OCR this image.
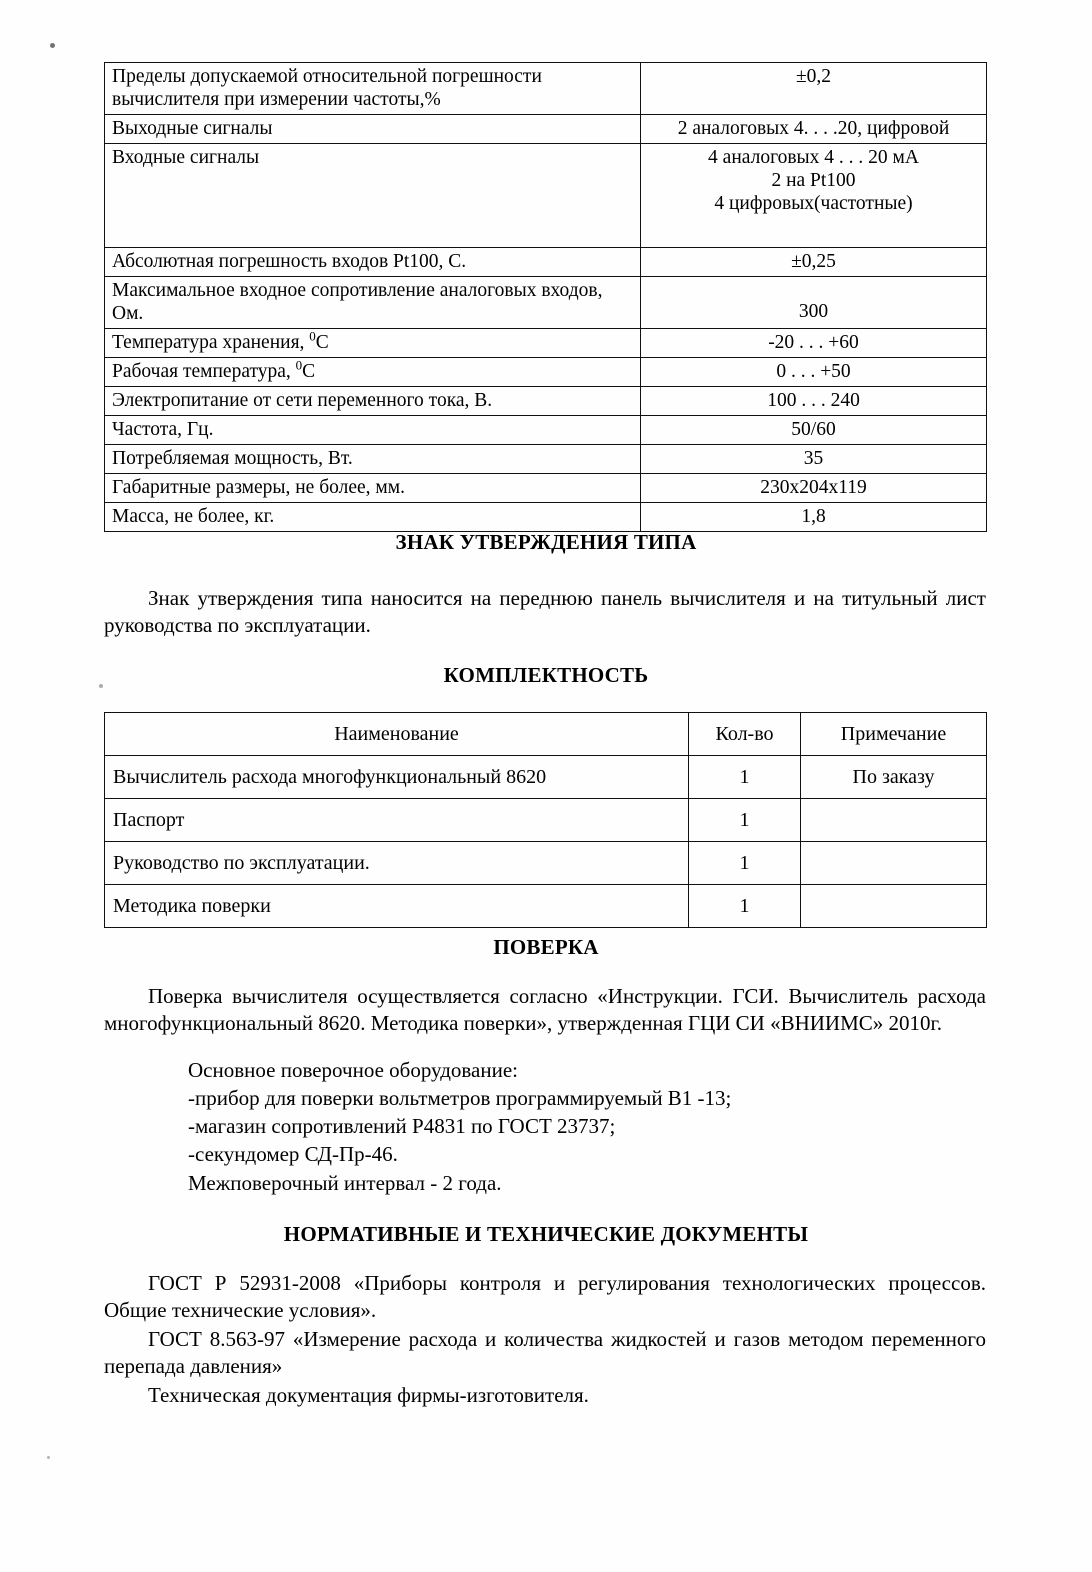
Пределы допускаемой относительной погрешности вычислителя при измерении частоты,%	±0,2
Выходные сигналы	2 аналоговых 4. . . .20, цифровой
Входные сигналы	4 аналоговых 4 . . . 20 мА
2 на Pt100
4 цифровых(частотные)

Абсолютная погрешность входов Pt100, С.	±0,25
Максимальное входное сопротивление аналоговых входов, Ом.	300
Температура хранения, $^0$С	-20 . . . +60
Рабочая температура, $^0$С	0 . . . +50
Электропитание от сети переменного тока, В.	100 . . . 240
Частота, Гц.	50/60
Потребляемая мощность, Вт.	35
Габаритные размеры, не более, мм.	230x204x119
Масса, не более, кг.	1,8
ЗНАК УТВЕРЖДЕНИЯ ТИПА
Знак утверждения типа наносится на переднюю панель вычислителя и на титульный лист руководства по эксплуатации.
КОМПЛЕКТНОСТЬ
Наименование	Кол-во	Примечание
Вычислитель расхода многофункциональный 8620	1	По заказу
Паспорт	1	
Руководство по эксплуатации.	1	
Методика поверки	1	
ПОВЕРКА
Поверка вычислителя осуществляется согласно «Инструкции. ГСИ. Вычислитель расхода многофункциональный 8620. Методика поверки», утвержденная ГЦИ СИ «ВНИИМС» 2010г.
Основное поверочное оборудование:
-прибор для поверки вольтметров программируемый В1 -13;
-магазин сопротивлений Р4831 по ГОСТ 23737;
-секундомер СД-Пр-46.
Межповерочный интервал - 2 года.
НОРМАТИВНЫЕ И ТЕХНИЧЕСКИЕ ДОКУМЕНТЫ
ГОСТ Р 52931-2008 «Приборы контроля и регулирования технологических процессов. Общие технические условия».
ГОСТ 8.563-97 «Измерение расхода и количества жидкостей и газов методом переменного перепада давления»
Техническая документация фирмы-изготовителя.
